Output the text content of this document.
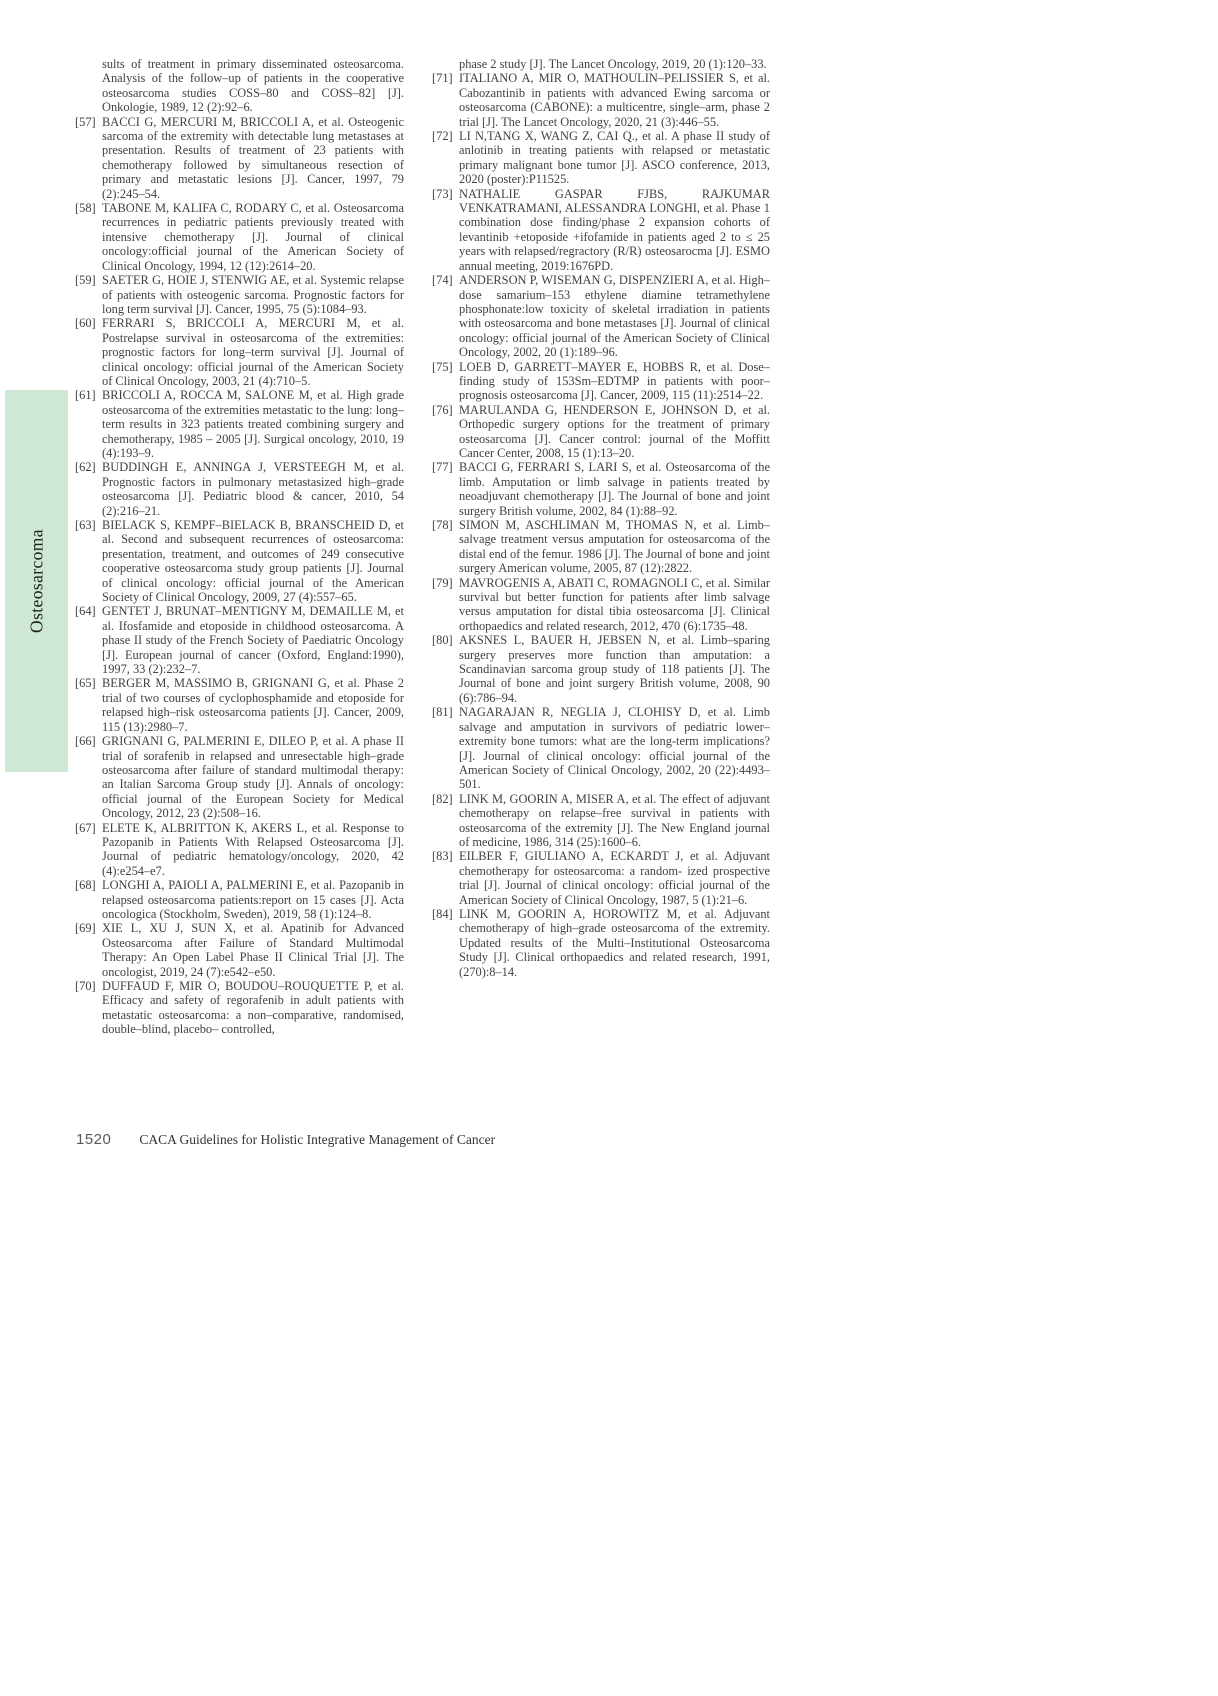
Osteosarcoma

sults of treatment in primary disseminated osteosarcoma. Analysis of the follow–up of patients in the cooperative osteosarcoma studies COSS–80 and COSS–82] [J]. Onkologie, 1989, 12 (2):92–6.

[57] BACCI G, MERCURI M, BRICCOLI A, et al. Osteogenic sarcoma of the extremity with detectable lung metastases at presentation. Results of treatment of 23 patients with chemotherapy followed by simultaneous resection of primary and metastatic lesions [J]. Cancer, 1997, 79 (2):245–54.

[58] TABONE M, KALIFA C, RODARY C, et al. Osteosarcoma recurrences in pediatric patients previously treated with intensive chemotherapy [J]. Journal of clinical oncology:official journal of the American Society of Clinical Oncology, 1994, 12 (12):2614–20.

[59] SAETER G, HOIE J, STENWIG AE, et al. Systemic relapse of patients with osteogenic sarcoma. Prognostic factors for long term survival [J]. Cancer, 1995, 75 (5):1084–93.

[60] FERRARI S, BRICCOLI A, MERCURI M, et al. Postrelapse survival in osteosarcoma of the extremities: prognostic factors for long–term survival [J]. Journal of clinical oncology: official journal of the American Society of Clinical Oncology, 2003, 21 (4):710–5.

[61] BRICCOLI A, ROCCA M, SALONE M, et al. High grade osteosarcoma of the extremities metastatic to the lung: long–term results in 323 patients treated combining surgery and chemotherapy, 1985 – 2005 [J]. Surgical oncology, 2010, 19 (4):193–9.

[62] BUDDINGH E, ANNINGA J, VERSTEEGH M, et al. Prognostic factors in pulmonary metastasized high–grade osteosarcoma [J]. Pediatric blood & cancer, 2010, 54 (2):216–21.

[63] BIELACK S, KEMPF–BIELACK B, BRANSCHEID D, et al. Second and subsequent recurrences of osteosarcoma: presentation, treatment, and outcomes of 249 consecutive cooperative osteosarcoma study group patients [J]. Journal of clinical oncology: official journal of the American Society of Clinical Oncology, 2009, 27 (4):557–65.

[64] GENTET J, BRUNAT–MENTIGNY M, DEMAILLE M, et al. Ifosfamide and etoposide in childhood osteosarcoma. A phase II study of the French Society of Paediatric Oncology [J]. European journal of cancer (Oxford, England:1990), 1997, 33 (2):232–7.

[65] BERGER M, MASSIMO B, GRIGNANI G, et al. Phase 2 trial of two courses of cyclophosphamide and etoposide for relapsed high–risk osteosarcoma patients [J]. Cancer, 2009, 115 (13):2980–7.

[66] GRIGNANI G, PALMERINI E, DILEO P, et al. A phase II trial of sorafenib in relapsed and unresectable high–grade osteosarcoma after failure of standard multimodal therapy: an Italian Sarcoma Group study [J]. Annals of oncology: official journal of the European Society for Medical Oncology, 2012, 23 (2):508–16.

[67] ELETE K, ALBRITTON K, AKERS L, et al. Response to Pazopanib in Patients With Relapsed Osteosarcoma [J]. Journal of pediatric hematology/oncology, 2020, 42 (4):e254–e7.

[68] LONGHI A, PAIOLI A, PALMERINI E, et al. Pazopanib in relapsed osteosarcoma patients:report on 15 cases [J]. Acta oncologica (Stockholm, Sweden), 2019, 58 (1):124–8.

[69] XIE L, XU J, SUN X, et al. Apatinib for Advanced Osteosarcoma after Failure of Standard Multimodal Therapy: An Open Label Phase II Clinical Trial [J]. The oncologist, 2019, 24 (7):e542–e50.

[70] DUFFAUD F, MIR O, BOUDOU–ROUQUETTE P, et al. Efficacy and safety of regorafenib in adult patients with metastatic osteosarcoma: a non–comparative, randomised, double–blind, placebo– controlled,

phase 2 study [J]. The Lancet Oncology, 2019, 20 (1):120–33.

[71] ITALIANO A, MIR O, MATHOULIN–PELISSIER S, et al. Cabozantinib in patients with advanced Ewing sarcoma or osteosarcoma (CABONE): a multicentre, single–arm, phase 2 trial [J]. The Lancet Oncology, 2020, 21 (3):446–55.

[72] LI N,TANG X, WANG Z, CAI Q., et al. A phase II study of anlotinib in treating patients with relapsed or metastatic primary malignant bone tumor [J]. ASCO conference, 2013, 2020 (poster):P11525.

[73] NATHALIE GASPAR FJBS, RAJKUMAR VENKATRAMANI, ALESSANDRA LONGHI, et al. Phase 1 combination dose finding/phase 2 expansion cohorts of levantinib +etoposide +ifofamide in patients aged 2 to ≤ 25 years with relapsed/regractory (R/R) osteosarocma [J]. ESMO annual meeting, 2019:1676PD.

[74] ANDERSON P, WISEMAN G, DISPENZIERI A, et al. High–dose samarium–153 ethylene diamine tetramethylene phosphonate:low toxicity of skeletal irradiation in patients with osteosarcoma and bone metastases [J]. Journal of clinical oncology: official journal of the American Society of Clinical Oncology, 2002, 20 (1):189–96.

[75] LOEB D, GARRETT–MAYER E, HOBBS R, et al. Dose–finding study of 153Sm–EDTMP in patients with poor–prognosis osteosarcoma [J]. Cancer, 2009, 115 (11):2514–22.

[76] MARULANDA G, HENDERSON E, JOHNSON D, et al. Orthopedic surgery options for the treatment of primary osteosarcoma [J]. Cancer control: journal of the Moffitt Cancer Center, 2008, 15 (1):13–20.

[77] BACCI G, FERRARI S, LARI S, et al. Osteosarcoma of the limb. Amputation or limb salvage in patients treated by neoadjuvant chemotherapy [J]. The Journal of bone and joint surgery British volume, 2002, 84 (1):88–92.

[78] SIMON M, ASCHLIMAN M, THOMAS N, et al. Limb–salvage treatment versus amputation for osteosarcoma of the distal end of the femur. 1986 [J]. The Journal of bone and joint surgery American volume, 2005, 87 (12):2822.

[79] MAVROGENIS A, ABATI C, ROMAGNOLI C, et al. Similar survival but better function for patients after limb salvage versus amputation for distal tibia osteosarcoma [J]. Clinical orthopaedics and related research, 2012, 470 (6):1735–48.

[80] AKSNES L, BAUER H, JEBSEN N, et al. Limb–sparing surgery preserves more function than amputation: a Scandinavian sarcoma group study of 118 patients [J]. The Journal of bone and joint surgery British volume, 2008, 90 (6):786–94.

[81] NAGARAJAN R, NEGLIA J, CLOHISY D, et al. Limb salvage and amputation in survivors of pediatric lower–extremity bone tumors: what are the long-term implications? [J]. Journal of clinical oncology: official journal of the American Society of Clinical Oncology, 2002, 20 (22):4493–501.

[82] LINK M, GOORIN A, MISER A, et al. The effect of adjuvant chemotherapy on relapse–free survival in patients with osteosarcoma of the extremity [J]. The New England journal of medicine, 1986, 314 (25):1600–6.

[83] EILBER F, GIULIANO A, ECKARDT J, et al. Adjuvant chemotherapy for osteosarcoma: a random- ized prospective trial [J]. Journal of clinical oncology: official journal of the American Society of Clinical Oncology, 1987, 5 (1):21–6.

[84] LINK M, GOORIN A, HOROWITZ M, et al. Adjuvant chemotherapy of high–grade osteosarcoma of the extremity. Updated results of the Multi–Institutional Osteosarcoma Study [J]. Clinical orthopaedics and related research, 1991, (270):8–14.

1520 CACA Guidelines for Holistic Integrative Management of Cancer
